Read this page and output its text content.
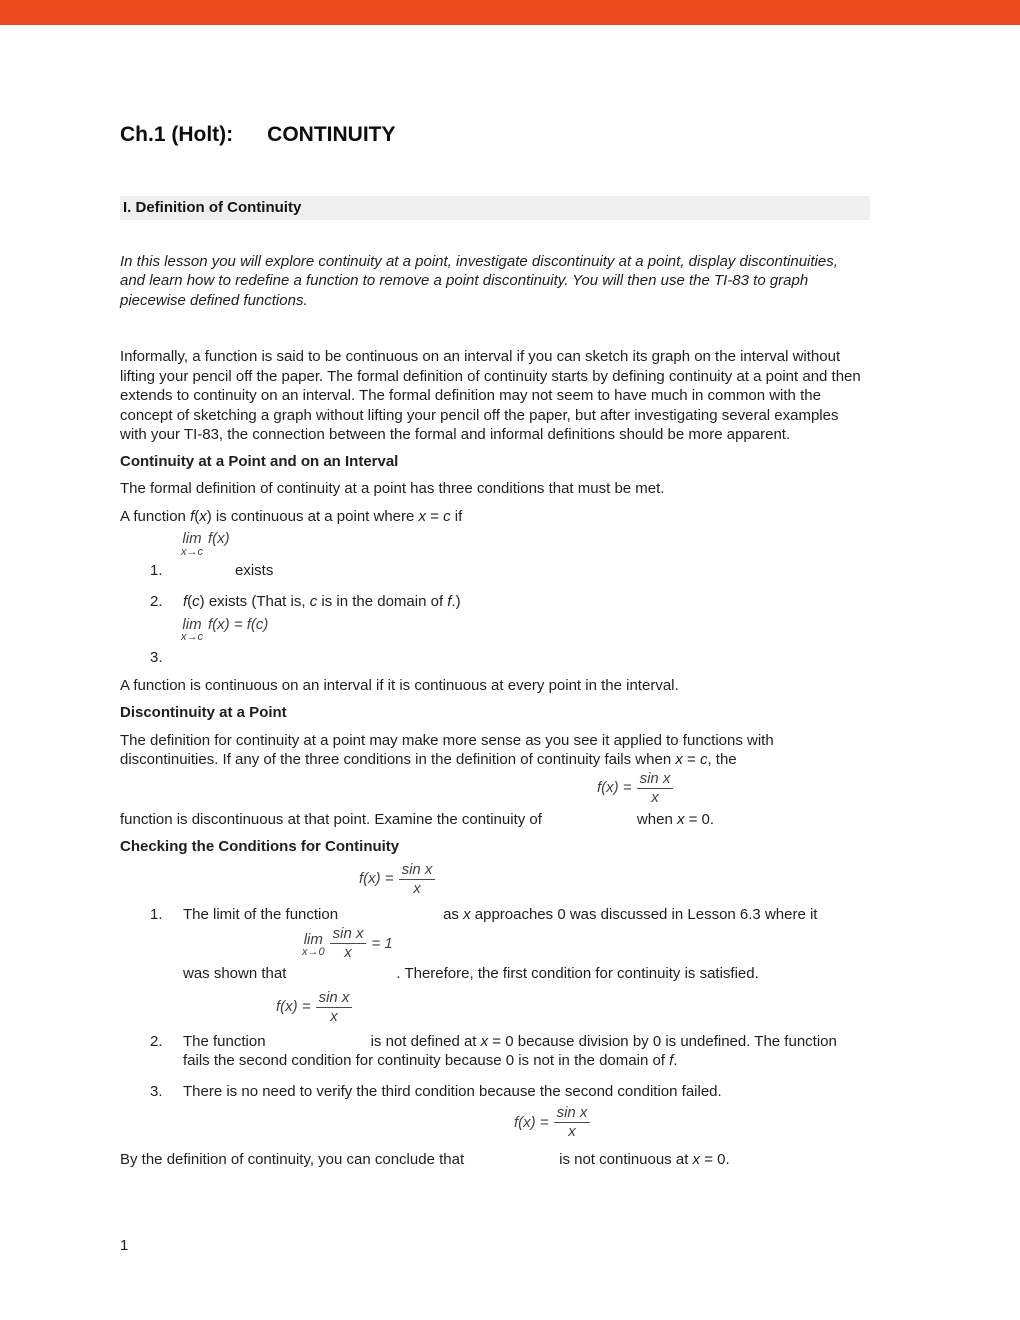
Ch.1 (Holt): CONTINUITY
I. Definition of Continuity

In this lesson you will explore continuity at a point, investigate discontinuity at a point, display discontinuities, and learn how to redefine a function to remove a point discontinuity. You will then use the TI-83 to graph piecewise defined functions.

Informally, a function is said to be continuous on an interval if you can sketch its graph on the interval without lifting your pencil off the paper. The formal definition of continuity starts by defining continuity at a point and then extends to continuity on an interval. The formal definition may not seem to have much in common with the concept of sketching a graph without lifting your pencil off the paper, but after investigating several examples with your TI-83, the connection between the formal and informal definitions should be more apparent.

Continuity at a Point and on an Interval

The formal definition of continuity at a point has three conditions that must be met.

A function f(x) is continuous at a point where x = c if

lim
x→c
f(x)
1.	exists
2.	f(c) exists (That is, c is in the domain of f.)
lim
x→c
f(x) = f(c)
3.

A function is continuous on an interval if it is continuous at every point in the interval.

Discontinuity at a Point

The definition for continuity at a point may make more sense as you see it applied to functions with discontinuities. If any of the three conditions in the definition of continuity fails when x = c, the

$f(x) = \frac{\text{sin x}}{x}$

function is discontinuous at that point. Examine the continuity of	when x = 0.

Checking the Conditions for Continuity
$f(x) = \frac{\text{sin x}}{x}$
1.	The limit of the function	as x approaches 0 was discussed in Lesson 6.3 where it
lim
$x\to 0 \frac{\text{sin x}}{x} = 1$
was shown that	. Therefore, the first condition for continuity is satisfied.
$f(x) = \frac{\text{sin x}}{x}$
2.	The function	is not defined at x = 0 because division by 0 is undefined. The function fails the second condition for continuity because 0 is not in the domain of f.
3.	There is no need to verify the third condition because the second condition failed.
$f(x) = \frac{\text{sin x}}{x}$

By the definition of continuity, you can conclude that	is not continuous at x = 0.

1
